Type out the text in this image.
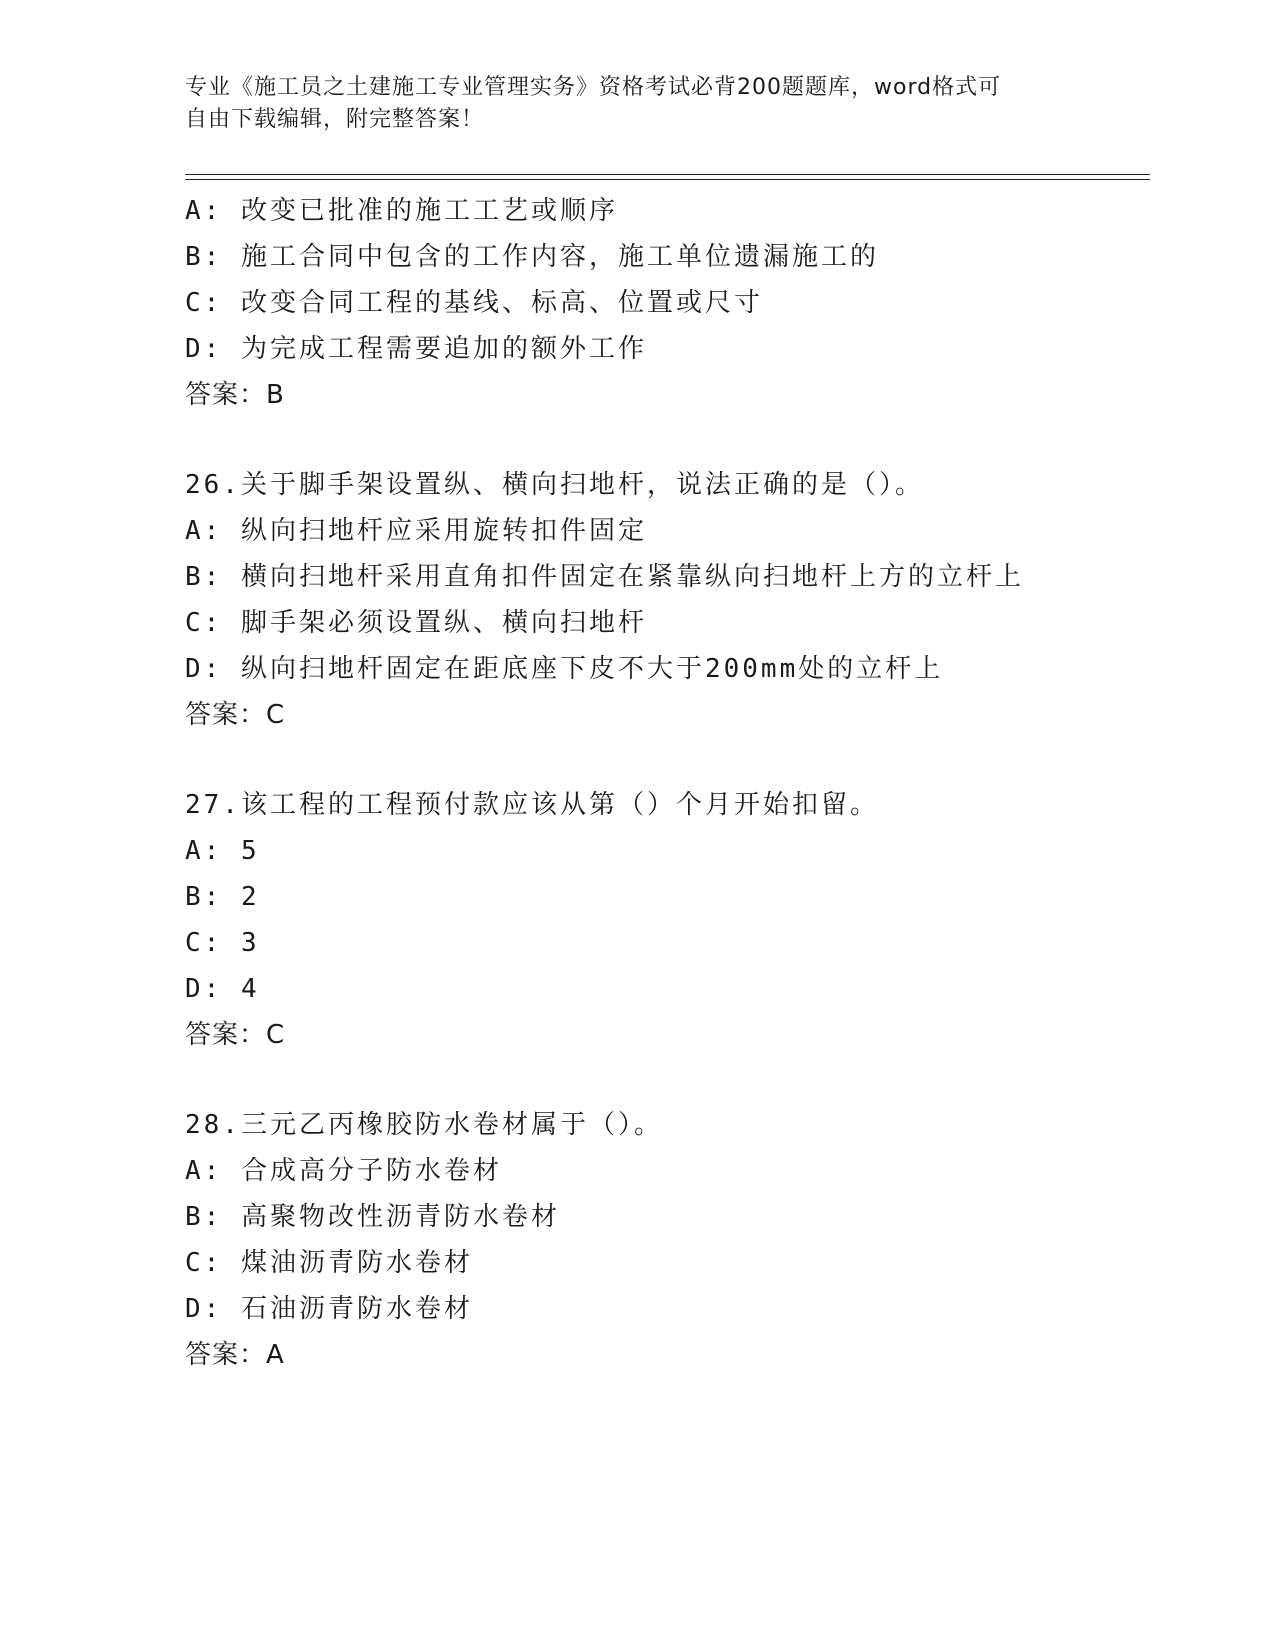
专业《施工员之土建施工专业管理实务》资格考试必背200题题库，word格式可
自由下载编辑，附完整答案！
A: 改变已批准的施工工艺或顺序
B: 施工合同中包含的工作内容，施工单位遗漏施工的
C: 改变合同工程的基线、标高、位置或尺寸
D: 为完成工程需要追加的额外工作
答案：B
26.关于脚手架设置纵、横向扫地杆，说法正确的是（）。
A: 纵向扫地杆应采用旋转扣件固定
B: 横向扫地杆采用直角扣件固定在紧靠纵向扫地杆上方的立杆上
C: 脚手架必须设置纵、横向扫地杆
D: 纵向扫地杆固定在距底座下皮不大于200mm处的立杆上
答案：C
27.该工程的工程预付款应该从第（）个月开始扣留。
A: 5
B: 2
C: 3
D: 4
答案：C
28.三元乙丙橡胶防水卷材属于（）。
A: 合成高分子防水卷材
B: 高聚物改性沥青防水卷材
C: 煤油沥青防水卷材
D: 石油沥青防水卷材
答案：A
